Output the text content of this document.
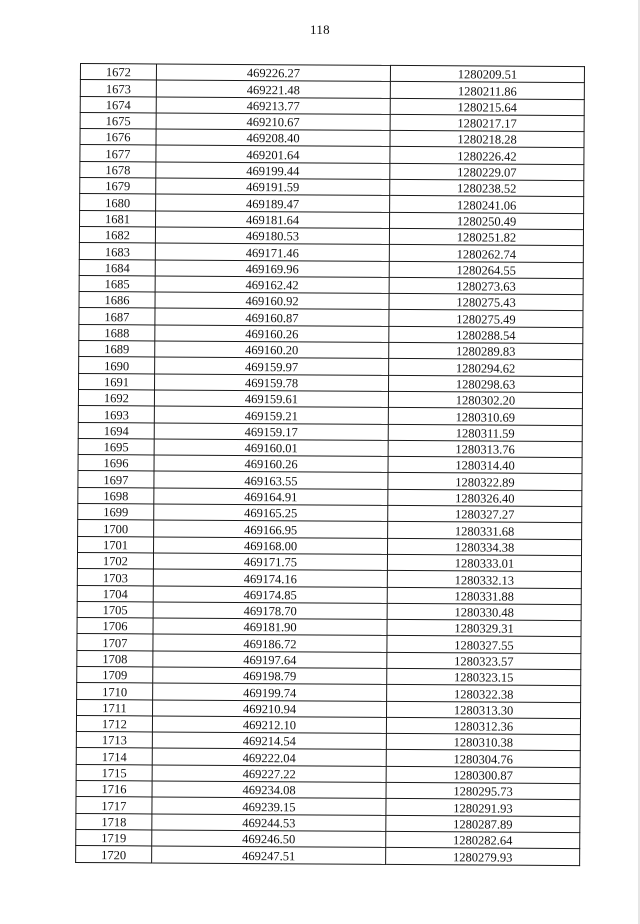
118
1672	469226.27	1280209.51
1673	469221.48	1280211.86
1674	469213.77	1280215.64
1675	469210.67	1280217.17
1676	469208.40	1280218.28
1677	469201.64	1280226.42
1678	469199.44	1280229.07
1679	469191.59	1280238.52
1680	469189.47	1280241.06
1681	469181.64	1280250.49
1682	469180.53	1280251.82
1683	469171.46	1280262.74
1684	469169.96	1280264.55
1685	469162.42	1280273.63
1686	469160.92	1280275.43
1687	469160.87	1280275.49
1688	469160.26	1280288.54
1689	469160.20	1280289.83
1690	469159.97	1280294.62
1691	469159.78	1280298.63
1692	469159.61	1280302.20
1693	469159.21	1280310.69
1694	469159.17	1280311.59
1695	469160.01	1280313.76
1696	469160.26	1280314.40
1697	469163.55	1280322.89
1698	469164.91	1280326.40
1699	469165.25	1280327.27
1700	469166.95	1280331.68
1701	469168.00	1280334.38
1702	469171.75	1280333.01
1703	469174.16	1280332.13
1704	469174.85	1280331.88
1705	469178.70	1280330.48
1706	469181.90	1280329.31
1707	469186.72	1280327.55
1708	469197.64	1280323.57
1709	469198.79	1280323.15
1710	469199.74	1280322.38
1711	469210.94	1280313.30
1712	469212.10	1280312.36
1713	469214.54	1280310.38
1714	469222.04	1280304.76
1715	469227.22	1280300.87
1716	469234.08	1280295.73
1717	469239.15	1280291.93
1718	469244.53	1280287.89
1719	469246.50	1280282.64
1720	469247.51	1280279.93
